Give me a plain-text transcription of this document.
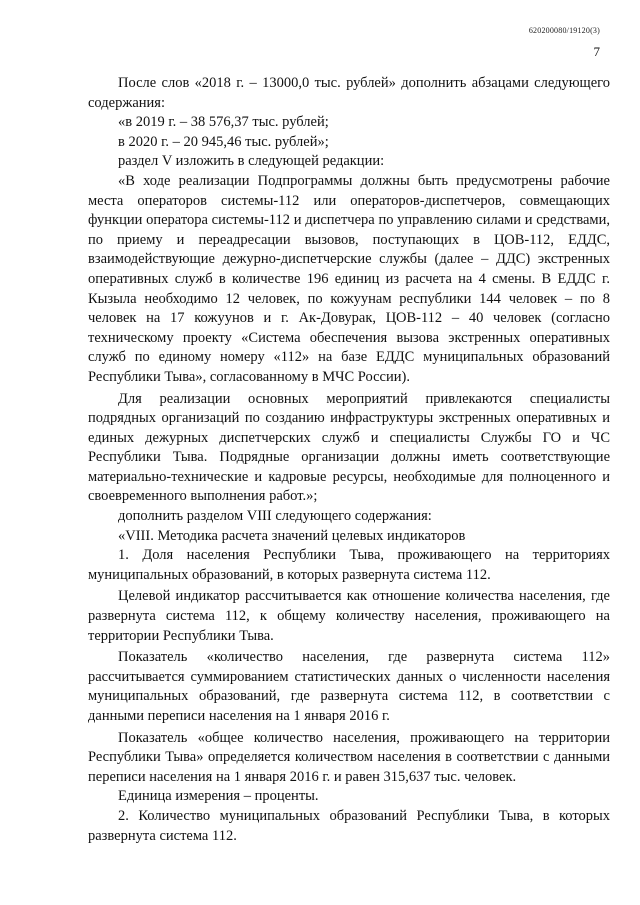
620200080/19120(3)
7

После слов «2018 г. – 13000,0 тыс. рублей» дополнить абзацами следующего содержания:

«в 2019 г. – 38 576,37 тыс. рублей;

в 2020 г. – 20 945,46 тыс. рублей»;

раздел V изложить в следующей редакции:

«В ходе реализации Подпрограммы должны быть предусмотрены рабочие места операторов системы-112 или операторов-диспетчеров, совмещающих функции оператора системы-112 и диспетчера по управлению силами и средствами, по приему и переадресации вызовов, поступающих в ЦОВ-112, ЕДДС, взаимодействующие дежурно-диспетчерские службы (далее – ДДС) экстренных оперативных служб в количестве 196 единиц из расчета на 4 смены. В ЕДДС г. Кызыла необходимо 12 человек, по кожуунам республики 144 человек – по 8 человек на 17 кожуунов и г. Ак-Довурак, ЦОВ-112 – 40 человек (согласно техническому проекту «Система обеспечения вызова экстренных оперативных служб по единому номеру «112» на базе ЕДДС муниципальных образований Республики Тыва», согласованному в МЧС России).

Для реализации основных мероприятий привлекаются специалисты подрядных организаций по созданию инфраструктуры экстренных оперативных и единых дежурных диспетчерских служб и специалисты Службы ГО и ЧС Республики Тыва. Подрядные организации должны иметь соответствующие материально-технические и кадровые ресурсы, необходимые для полноценного и своевременного выполнения работ.»;

дополнить разделом VIII следующего содержания:

«VIII. Методика расчета значений целевых индикаторов

1. Доля населения Республики Тыва, проживающего на территориях муниципальных образований, в которых развернута система 112.

Целевой индикатор рассчитывается как отношение количества населения, где развернута система 112, к общему количеству населения, проживающего на территории Республики Тыва.

Показатель «количество населения, где развернута система 112» рассчитывается суммированием статистических данных о численности населения муниципальных образований, где развернута система 112, в соответствии с данными переписи населения на 1 января 2016 г.

Показатель «общее количество населения, проживающего на территории Республики Тыва» определяется количеством населения в соответствии с данными переписи населения на 1 января 2016 г. и равен 315,637 тыс. человек.

Единица измерения – проценты.

2. Количество муниципальных образований Республики Тыва, в которых развернута система 112.
